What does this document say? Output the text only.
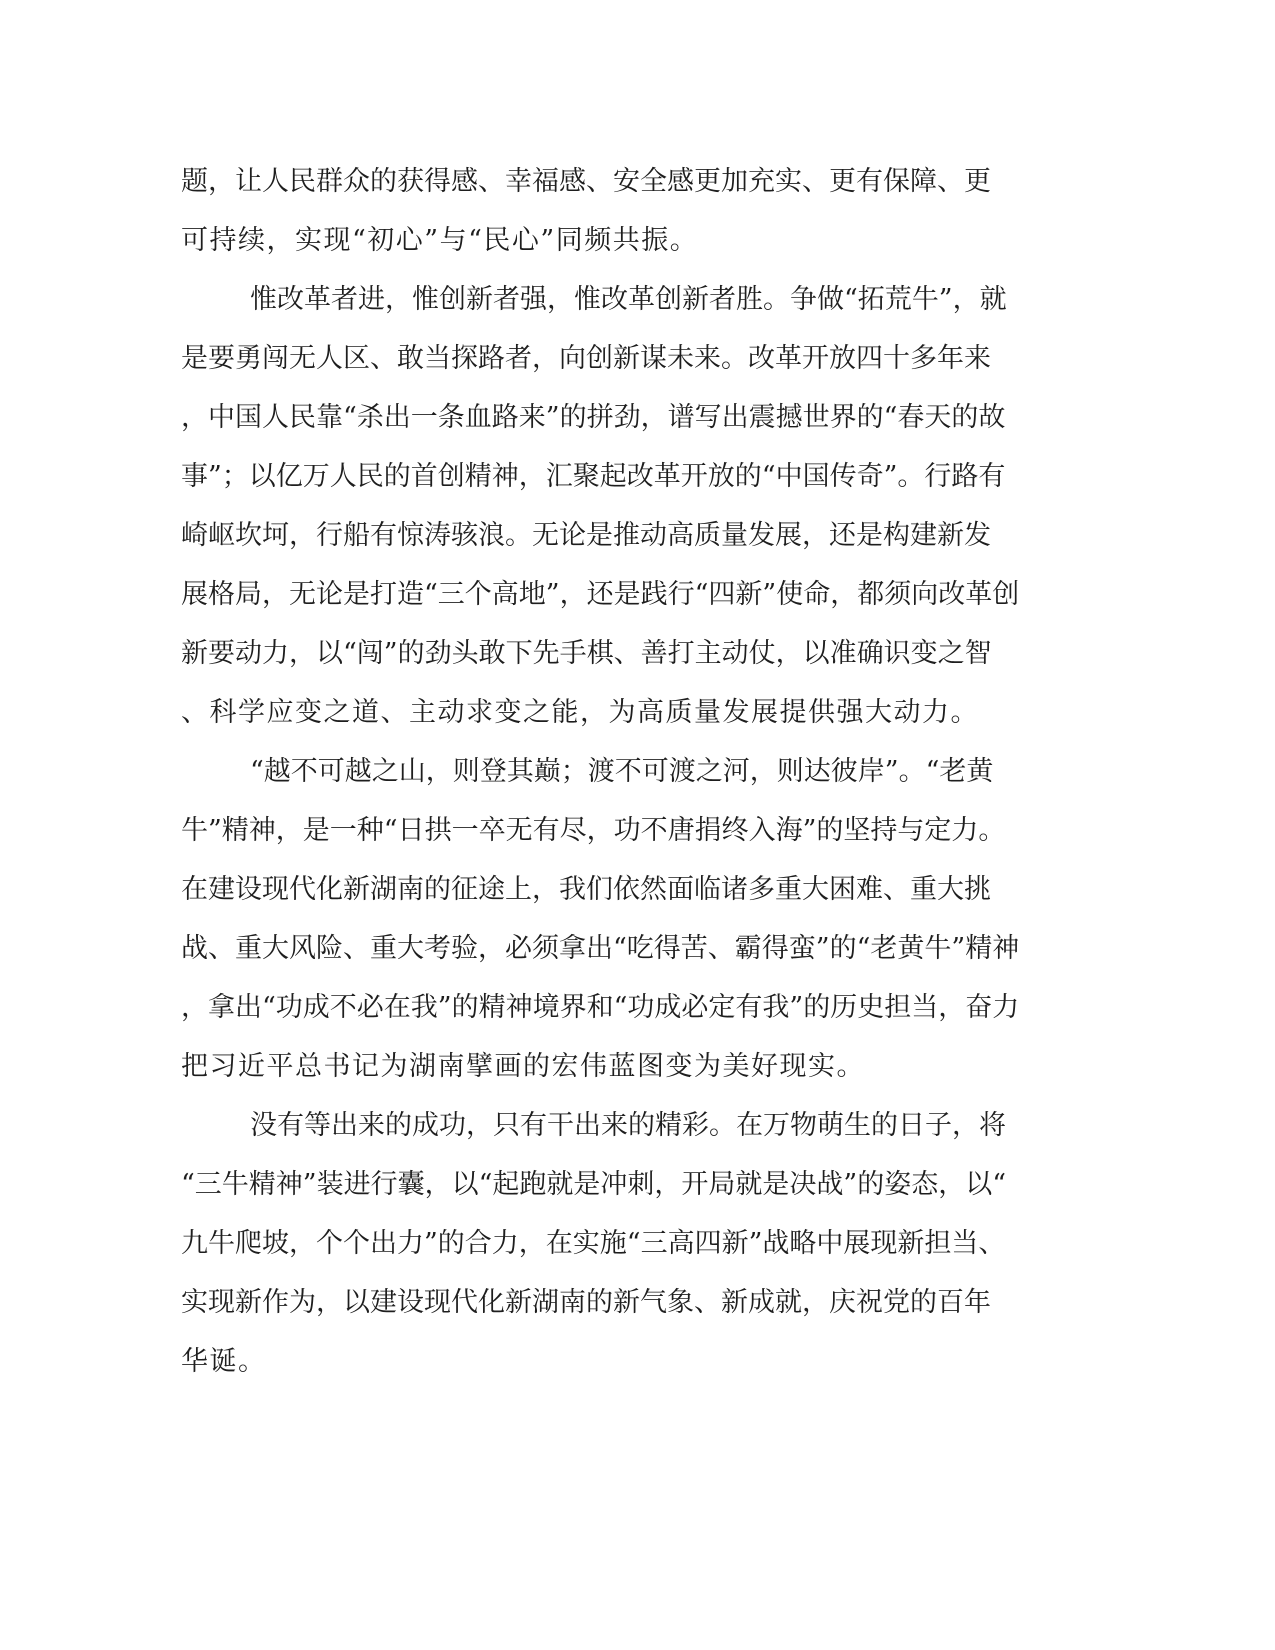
题，让人民群众的获得感、幸福感、安全感更加充实、更有保障、更
可持续，实现“初心”与“民心”同频共振。
惟改革者进，惟创新者强，惟改革创新者胜。争做“拓荒牛”，就
是要勇闯无人区、敢当探路者，向创新谋未来。改革开放四十多年来
，中国人民靠“杀出一条血路来”的拼劲，谱写出震撼世界的“春天的故
事”；以亿万人民的首创精神，汇聚起改革开放的“中国传奇”。行路有
崎岖坎坷，行船有惊涛骇浪。无论是推动高质量发展，还是构建新发
展格局，无论是打造“三个高地”，还是践行“四新”使命，都须向改革创
新要动力，以“闯”的劲头敢下先手棋、善打主动仗，以准确识变之智
、科学应变之道、主动求变之能，为高质量发展提供强大动力。
“越不可越之山，则登其巅；渡不可渡之河，则达彼岸”。“老黄
牛”精神，是一种“日拱一卒无有尽，功不唐捐终入海”的坚持与定力。
在建设现代化新湖南的征途上，我们依然面临诸多重大困难、重大挑
战、重大风险、重大考验，必须拿出“吃得苦、霸得蛮”的“老黄牛”精神
，拿出“功成不必在我”的精神境界和“功成必定有我”的历史担当，奋力
把习近平总书记为湖南擘画的宏伟蓝图变为美好现实。
没有等出来的成功，只有干出来的精彩。在万物萌生的日子，将
“三牛精神”装进行囊，以“起跑就是冲刺，开局就是决战”的姿态，以“
九牛爬坡，个个出力”的合力，在实施“三高四新”战略中展现新担当、
实现新作为，以建设现代化新湖南的新气象、新成就，庆祝党的百年
华诞。
